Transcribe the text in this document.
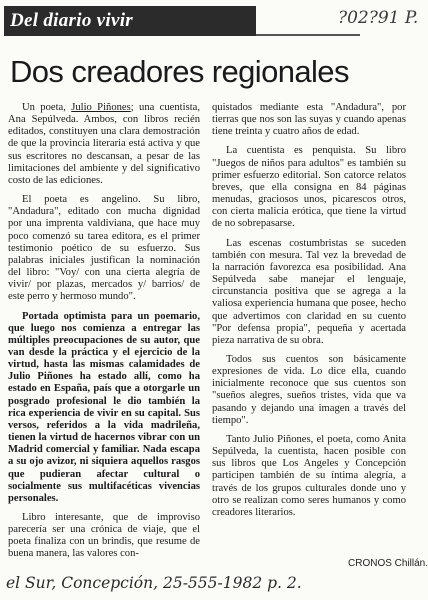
Del diario vivir	?02?91 P.
Dos creadores regionales

Un poeta, Julio Piñones; una cuentista, Ana Sepúlveda. Ambos, con libros recién editados, constituyen una clara demostración de que la provincia literaria está activa y que sus escritores no descansan, a pesar de las limitaciones del ambiente y del significativo costo de las ediciones.

El poeta es angelino. Su libro, "Andadura", editado con mucha dignidad por una imprenta valdiviana, que hace muy poco comenzó su tarea editora, es el primer testimonio poético de su esfuerzo. Sus palabras iniciales justifican la nominación del libro: "Voy/ con una cierta alegría de vivir/ por plazas, mercados y/ barrios/ de este perro y hermoso mundo".

Portada optimista para un poemario, que luego nos comienza a entregar las múltiples preocupaciones de su autor, que van desde la práctica y el ejercicio de la virtud, hasta las mismas calamidades de Julio Piñones ha estado allí, como ha estado en España, país que a otorgarle un posgrado profesional le dio también la rica experiencia de vivir en su capital. Sus versos, referidos a la vida madrileña, tienen la virtud de hacernos vibrar con un Madrid comercial y familiar. Nada escapa a su ojo avizor, ni siquiera aquellos rasgos que pudieran afectar cultural o socialmente sus multifacéticas vivencias personales.

Libro interesante, que de improviso parecería ser una crónica de viaje, que el poeta finaliza con un brindis, que resume de buena manera, las valores con-

quistados mediante esta "Andadura", por tierras que nos son las suyas y cuando apenas tiene treinta y cuatro años de edad.

La cuentista es penquista. Su libro "Juegos de niños para adultos" es también su primer esfuerzo editorial. Son catorce relatos breves, que ella consigna en 84 páginas menudas, graciosos unos, picarescos otros, con cierta malicia erótica, que tiene la virtud de no sobrepasarse.

Las escenas costumbristas se suceden también con mesura. Tal vez la brevedad de la narración favorezca esa posibilidad. Ana Sepúlveda sabe manejar el lenguaje, circunstancia positiva que se agrega a la valiosa experiencia humana que posee, hecho que advertimos con claridad en su cuento "Por defensa propia", pequeña y acertada pieza narrativa de su obra.

Todos sus cuentos son básicamente expresiones de vida. Lo dice ella, cuando inicialmente reconoce que sus cuentos son "sueños alegres, sueños tristes, vida que va pasando y dejando una imagen a través del tiempo".

Tanto Julio Piñones, el poeta, como Anita Sepúlveda, la cuentista, hacen posible con sus libros que Los Angeles y Concepción participen también de su íntima alegría, a través de los grupos culturales donde uno y otro se realizan como seres humanos y como creadores literarios.

CRONOS Chillán.
el Sur, Concepción, 25-555-1982 p. 2.
